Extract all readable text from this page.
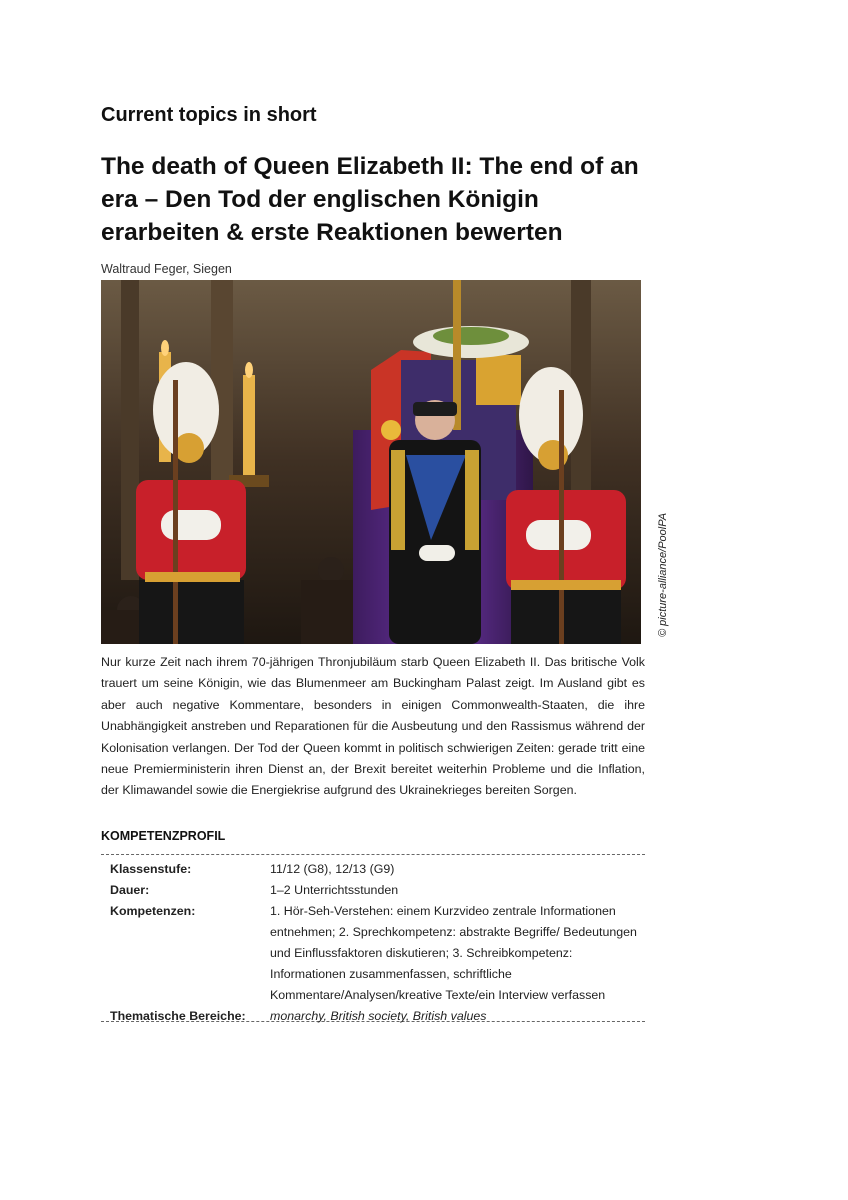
Current topics in short
The death of Queen Elizabeth II: The end of an era – Den Tod der englischen Königin erarbeiten & erste Reaktionen bewerten
Waltraud Feger, Siegen
© picture-alliance/PoolPA

Nur kurze Zeit nach ihrem 70-jährigen Thronjubiläum starb Queen Elizabeth II. Das britische Volk trauert um seine Königin, wie das Blumenmeer am Buckingham Palast zeigt. Im Ausland gibt es aber auch negative Kommentare, besonders in einigen Commonwealth-Staaten, die ihre Unabhängigkeit anstreben und Reparationen für die Ausbeutung und den Rassismus während der Kolonisation verlangen. Der Tod der Queen kommt in politisch schwierigen Zeiten: gerade tritt eine neue Premierministerin ihren Dienst an, der Brexit bereitet weiterhin Probleme und die Inflation, der Klimawandel sowie die Energiekrise aufgrund des Ukrainekrieges bereiten Sorgen.

KOMPETENZPROFIL
Klassenstufe:	11/12 (G8), 12/13 (G9)
Dauer:	1–2 Unterrichtsstunden
Kompetenzen:	1. Hör-Seh-Verstehen: einem Kurzvideo zentrale Informationen entnehmen; 2. Sprechkompetenz: abstrakte Begriffe/ Bedeutungen und Einflussfaktoren diskutieren; 3. Schreibkompetenz: Informationen zusammenfassen, schriftliche Kommentare/Analysen/kreative Texte/ein Interview verfassen
Thematische Bereiche:	monarchy, British society, British values
